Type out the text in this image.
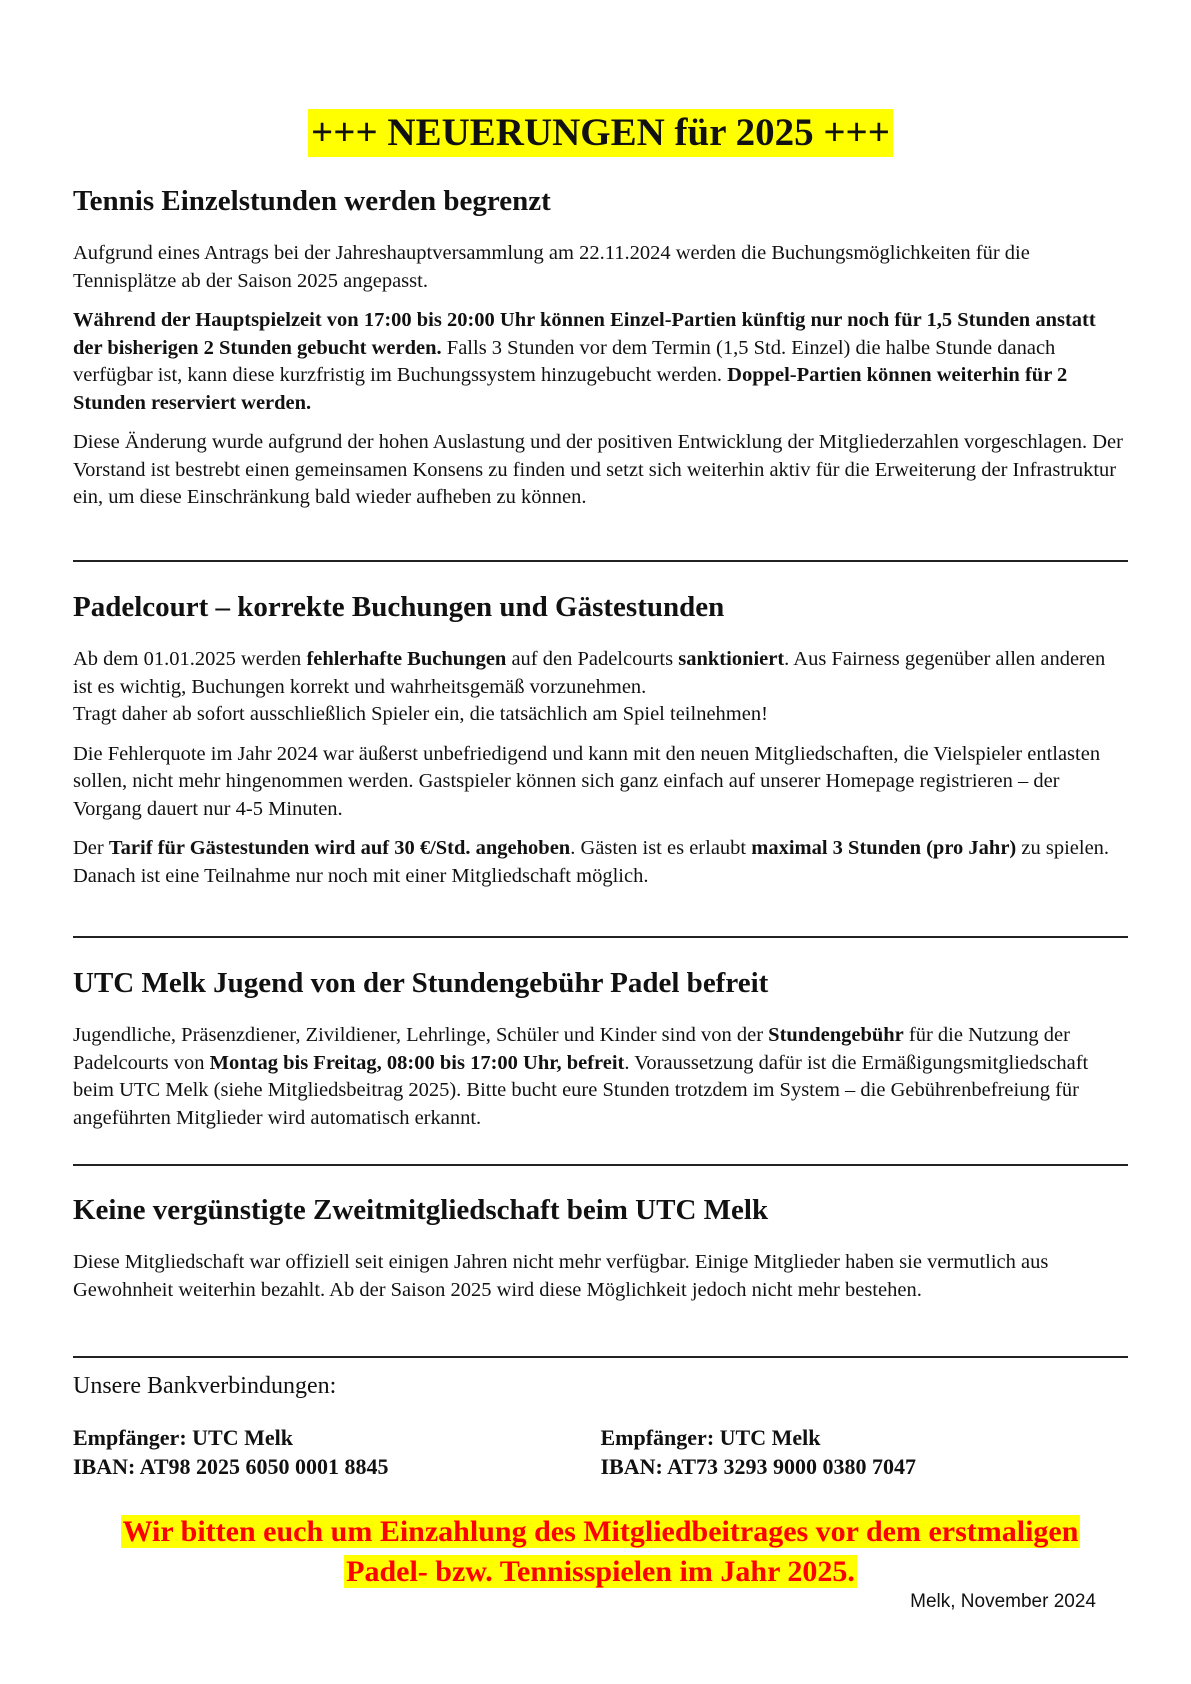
+++ NEUERUNGEN für 2025 +++
Tennis Einzelstunden werden begrenzt

Aufgrund eines Antrags bei der Jahreshauptversammlung am 22.11.2024 werden die Buchungsmöglichkeiten für die Tennisplätze ab der Saison 2025 angepasst.

Während der Hauptspielzeit von 17:00 bis 20:00 Uhr können Einzel-Partien künftig nur noch für 1,5 Stunden anstatt der bisherigen 2 Stunden gebucht werden. Falls 3 Stunden vor dem Termin (1,5 Std. Einzel) die halbe Stunde danach verfügbar ist, kann diese kurzfristig im Buchungssystem hinzugebucht werden. Doppel-Partien können weiterhin für 2 Stunden reserviert werden.

Diese Änderung wurde aufgrund der hohen Auslastung und der positiven Entwicklung der Mitgliederzahlen vorgeschlagen. Der Vorstand ist bestrebt einen gemeinsamen Konsens zu finden und setzt sich weiterhin aktiv für die Erweiterung der Infrastruktur ein, um diese Einschränkung bald wieder aufheben zu können.

Padelcourt – korrekte Buchungen und Gästestunden

Ab dem 01.01.2025 werden fehlerhafte Buchungen auf den Padelcourts sanktioniert. Aus Fairness gegenüber allen anderen ist es wichtig, Buchungen korrekt und wahrheitsgemäß vorzunehmen.
Tragt daher ab sofort ausschließlich Spieler ein, die tatsächlich am Spiel teilnehmen!

Die Fehlerquote im Jahr 2024 war äußerst unbefriedigend und kann mit den neuen Mitgliedschaften, die Vielspieler entlasten sollen, nicht mehr hingenommen werden. Gastspieler können sich ganz einfach auf unserer Homepage registrieren – der Vorgang dauert nur 4-5 Minuten.

Der Tarif für Gästestunden wird auf 30 €/Std. angehoben. Gästen ist es erlaubt maximal 3 Stunden (pro Jahr) zu spielen. Danach ist eine Teilnahme nur noch mit einer Mitgliedschaft möglich.

UTC Melk Jugend von der Stundengebühr Padel befreit

Jugendliche, Präsenzdiener, Zivildiener, Lehrlinge, Schüler und Kinder sind von der Stundengebühr für die Nutzung der Padelcourts von Montag bis Freitag, 08:00 bis 17:00 Uhr, befreit. Voraussetzung dafür ist die Ermäßigungsmitgliedschaft beim UTC Melk (siehe Mitgliedsbeitrag 2025). Bitte bucht eure Stunden trotzdem im System – die Gebührenbefreiung für angeführten Mitglieder wird automatisch erkannt.

Keine vergünstigte Zweitmitgliedschaft beim UTC Melk

Diese Mitgliedschaft war offiziell seit einigen Jahren nicht mehr verfügbar. Einige Mitglieder haben sie vermutlich aus Gewohnheit weiterhin bezahlt. Ab der Saison 2025 wird diese Möglichkeit jedoch nicht mehr bestehen.

Unsere Bankverbindungen:

Empfänger: UTC Melk
IBAN: AT98 2025 6050 0001 8845
Empfänger: UTC Melk
IBAN: AT73 3293 9000 0380 7047
Wir bitten euch um Einzahlung des Mitgliedbeitrages vor dem erstmaligen
Padel- bzw. Tennisspielen im Jahr 2025.
Melk, November 2024
